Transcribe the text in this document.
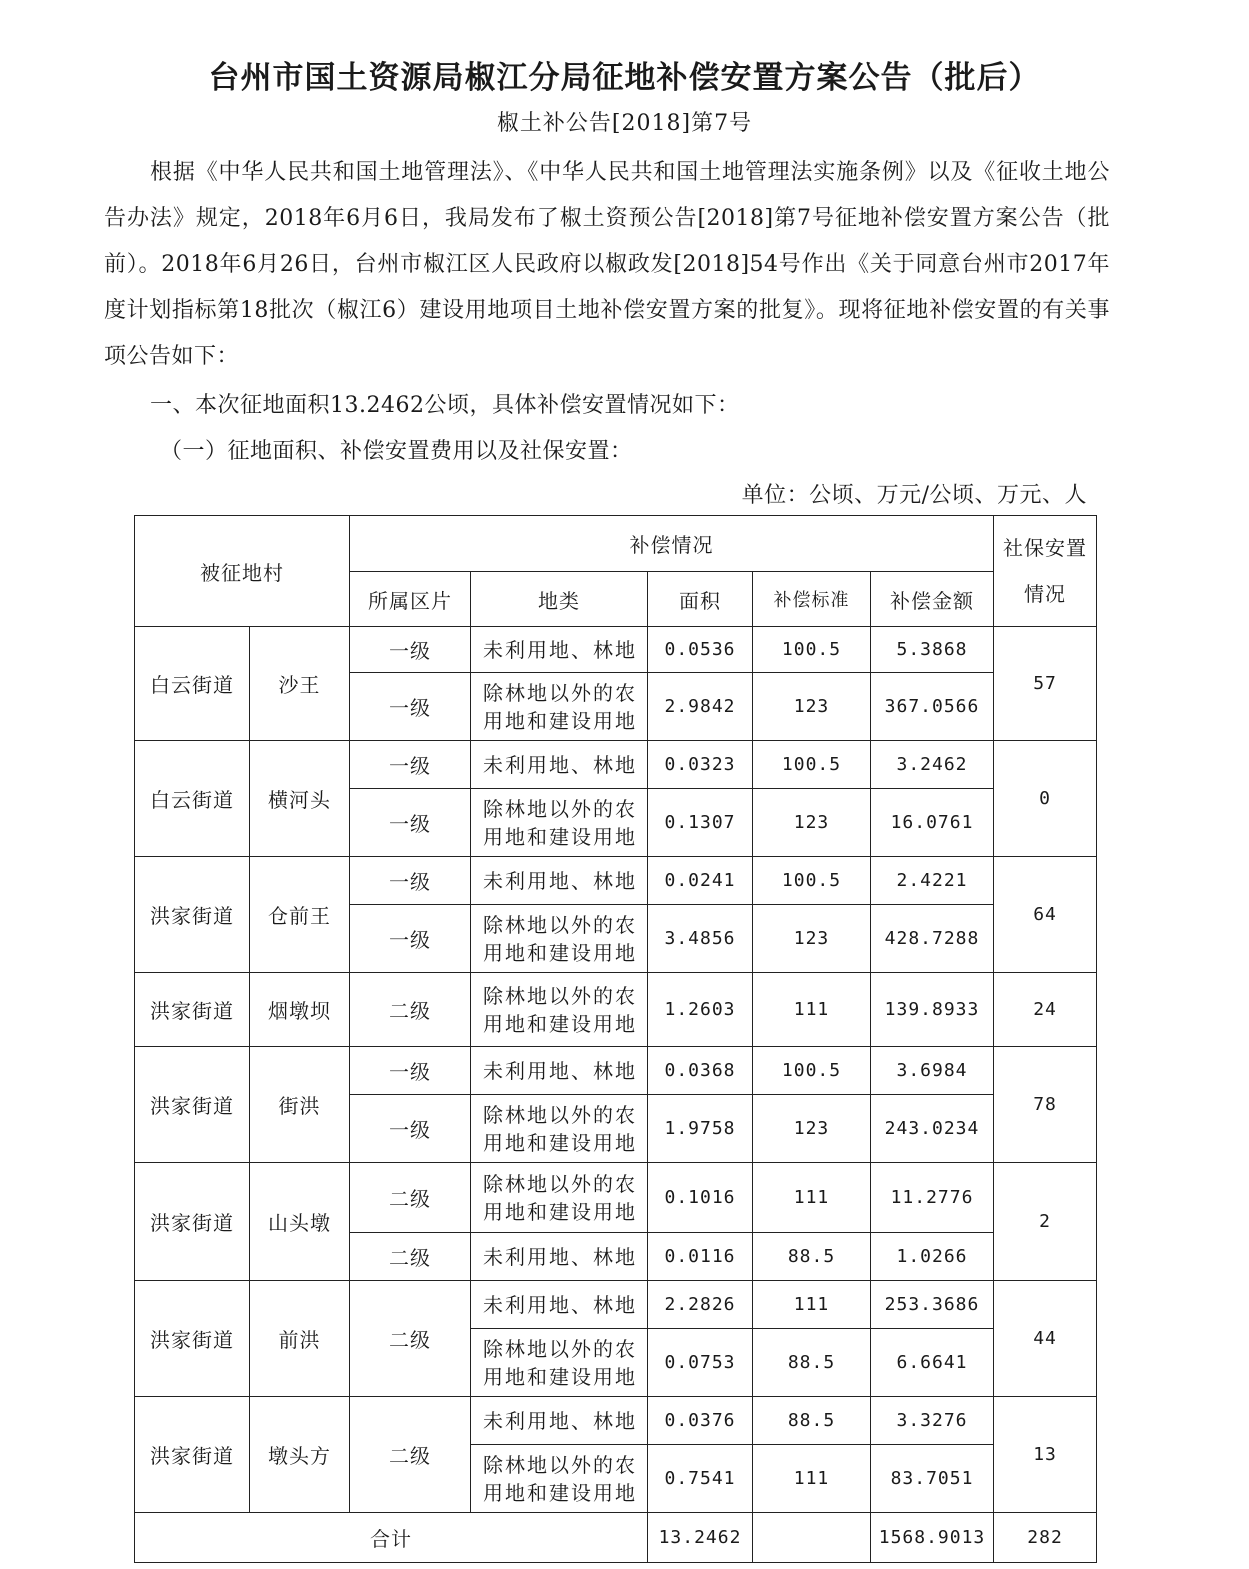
台州市国土资源局椒江分局征地补偿安置方案公告（批后）
椒土补公告[2018]第7号

根据《中华人民共和国土地管理法》、《中华人民共和国土地管理法实施条例》以及《征收土地公告办法》规定，2018年6月6日，我局发布了椒土资预公告[2018]第7号征地补偿安置方案公告（批前）。2018年6月26日，台州市椒江区人民政府以椒政发[2018]54号作出《关于同意台州市2017年度计划指标第18批次（椒江6）建设用地项目土地补偿安置方案的批复》。现将征地补偿安置的有关事项公告如下：

一、本次征地面积13.2462公顷，具体补偿安置情况如下：
（一）征地面积、补偿安置费用以及社保安置：
单位：公顷、万元/公顷、万元、人
被征地村		补偿情况					社保安置情况
		所属区片	地类	面积	补偿标准	补偿金额	
白云街道	沙王	一级	未利用地、林地	0.0536	100.5	5.3868	57
		一级	除林地以外的农用地和建设用地	2.9842	123	367.0566	
白云街道	横河头	一级	未利用地、林地	0.0323	100.5	3.2462	0
		一级	除林地以外的农用地和建设用地	0.1307	123	16.0761	
洪家街道	仓前王	一级	未利用地、林地	0.0241	100.5	2.4221	64
		一级	除林地以外的农用地和建设用地	3.4856	123	428.7288	
洪家街道	烟墩坝	二级	除林地以外的农用地和建设用地	1.2603	111	139.8933	24
洪家街道	街洪	一级	未利用地、林地	0.0368	100.5	3.6984	78
		一级	除林地以外的农用地和建设用地	1.9758	123	243.0234	
洪家街道	山头墩	二级	除林地以外的农用地和建设用地	0.1016	111	11.2776	2
		二级	未利用地、林地	0.0116	88.5	1.0266	
洪家街道	前洪	二级	未利用地、林地	2.2826	111	253.3686	44
			除林地以外的农用地和建设用地	0.0753	88.5	6.6641	
洪家街道	墩头方	二级	未利用地、林地	0.0376	88.5	3.3276	13
			除林地以外的农用地和建设用地	0.7541	111	83.7051	
合计				13.2462		1568.9013	282
